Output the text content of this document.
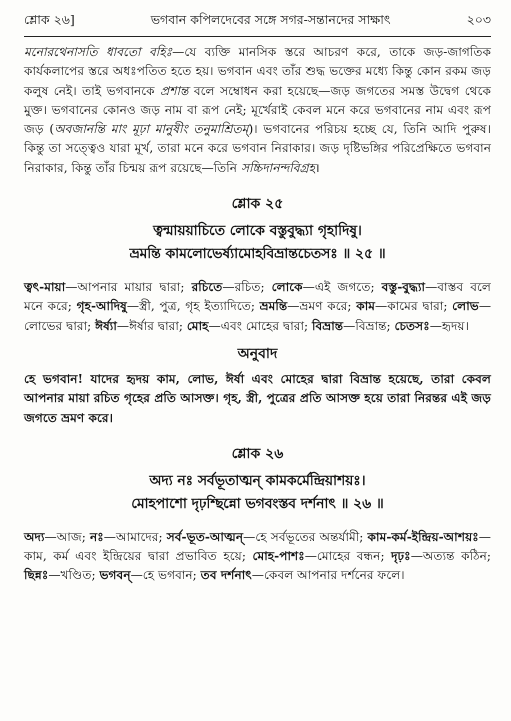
শ্লোক ২৬]	ভগবান কপিলদেবের সঙ্গে সগর-সন্তানদের সাক্ষাৎ	২০৩

মনোরথেনাসতি ধাবতো বহিঃ—যে ব্যক্তি মানসিক স্তরে আচরণ করে, তাকে জড়-জাগতিক কার্যকলাপের স্তরে অধঃপতিত হতে হয়। ভগবান এবং তাঁর শুদ্ধ ভক্তের মধ্যে কিন্তু কোন রকম জড় কলুষ নেই। তাই ভগবানকে প্রশান্ত বলে সম্বোধন করা হয়েছে—জড় জগতের সমস্ত উদ্বেগ থেকে মুক্ত। ভগবানের কোনও জড় নাম বা রূপ নেই; মূর্খেরাই কেবল মনে করে ভগবানের নাম এবং রূপ জড় (অবজানন্তি মাং মূঢ়া মানুষীং তনুমাশ্রিতম্)। ভগবানের পরিচয় হচ্ছে যে, তিনি আদি পুরুষ। কিন্তু তা সত্ত্বেও যারা মূর্খ, তারা মনে করে ভগবান নিরাকার। জড় দৃষ্টিভঙ্গির পরিপ্রেক্ষিতে ভগবান নিরাকার, কিন্তু তাঁর চিন্ময় রূপ রয়েছে—তিনি সচ্চিদানন্দবিগ্রহ।

শ্লোক ২৫
ত্বন্মায়য়াচিতে লোকে বস্তুবুদ্ধ্যা গৃহাদিষু।
ভ্রমন্তি কামলোভের্ষ্যামোহবিভ্রান্তচেতসঃ ॥ ২৫ ॥

ত্বৎ-মায়া—আপনার মায়ার দ্বারা; রচিতে—রচিত; লোকে—এই জগতে; বস্তু-বুদ্ধ্যা—বাস্তব বলে মনে করে; গৃহ-আদিষু—স্ত্রী, পুত্র, গৃহ ইত্যাদিতে; ভ্রমন্তি—ভ্রমণ করে; কাম—কামের দ্বারা; লোভ—লোভের দ্বারা; ঈর্ষ্যা—ঈর্ষার দ্বারা; মোহ—এবং মোহের দ্বারা; বিভ্রান্ত—বিভ্রান্ত; চেতসঃ—হৃদয়।

অনুবাদ

হে ভগবান! যাদের হৃদয় কাম, লোভ, ঈর্ষা এবং মোহের দ্বারা বিভ্রান্ত হয়েছে, তারা কেবল আপনার মায়া রচিত গৃহের প্রতি আসক্ত। গৃহ, স্ত্রী, পুত্রের প্রতি আসক্ত হয়ে তারা নিরন্তর এই জড় জগতে ভ্রমণ করে।

শ্লোক ২৬
অদ্য নঃ সর্বভূতাত্মন্ কামকর্মেন্দ্রিয়াশয়ঃ।
মোহপাশো দৃঢ়শ্ছিন্নো ভগবংস্তব দর্শনাৎ ॥ ২৬ ॥

অদ্য—আজ; নঃ—আমাদের; সর্ব-ভূত-আত্মন্—হে সর্বভূতের অন্তর্যামী; কাম-কর্ম-ইন্দ্রিয়-আশয়ঃ—কাম, কর্ম এবং ইন্দ্রিয়ের দ্বারা প্রভাবিত হয়ে; মোহ-পাশঃ—মোহের বন্ধন; দৃঢ়ঃ—অত্যন্ত কঠিন; ছিন্নঃ—খণ্ডিত; ভগবন্—হে ভগবান; তব দর্শনাৎ—কেবল আপনার দর্শনের ফলে।
